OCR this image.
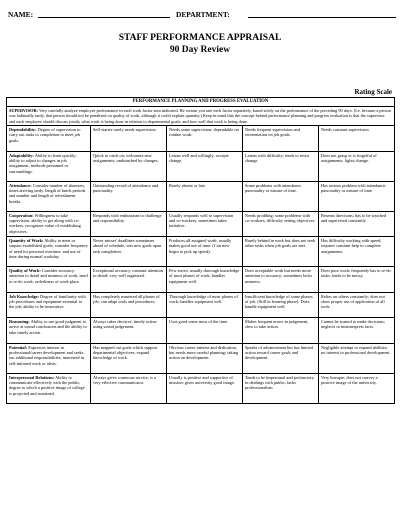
NAME:	DEPARTMENT:
STAFF PERFORMANCE APPRAISAL
90 Day Review
Rating Scale
PERFORMANCE PLANNING AND PROGRESS EVALUATION				
SUPERVISOR: Very carefully analyze employee performance in each work factor area indicated. Be certain you rate each factor separately, based solely on the performance of the preceding 90 days. (I.e. because a person was habitually tardy, that person should not be penalized on quality of work, although it could explain quantity.) Keep in mind that the concept behind performance planning and progress evaluation is that the supervisor and each employee should discuss jointly what work is being done in relation to departmental goals, and how well that work is being done.				
Dependability: Degree of supervision to carry out tasks to completion to meet job goals.	Self-starter rarely needs supervision.	Needs some supervision; dependable on routine work.	Needs frequent supervision and reorientation on job goals.	Needs constant supervision.
Adaptability: Ability to learn quickly; ability to adjust to changes in job assignment, methods personnel or surroundings.	Quick to catch on; welcomes new assignments; undisturbed by changes.	Learns well and willingly; accepts change.	Learns with difficulty; tends to resist change.	Does not grasp or is forgetful of assignments; fights change.
Attendance: Consider number of absences, times arriving tardy, length of lunch periods and number and length of refreshment breaks.	Outstanding record of attendance and punctuality.	Rarely absent or late.	Some problems with attendance, punctuality or misuse of time.	Has serious problem with attendance, punctuality or misuse of time.
Cooperation: Willingness to take supervision, ability to get along with co-workers, recognizes value of establishing objectives.	Responds with enthusiasm to challenge and responsibility.	Usually responds well to supervision and co-workers; sometimes takes initiative.	Needs prodding; some problems with co-workers; difficulty setting objectives.	Resents directions; has to be watched and supervised constantly.
Quantity of Work: Ability to meet or surpass established goals; consider frequency of need for personal overtime; and use of time during normal workday.	Never misses' deadlines sometimes ahead of schedule; sets new goals upon task completion.	Produces all assigned work; usually makes good use of time. (Can now begin to pick up speed).	Rarely behind in work but does not seek other tasks when job goals are met.	Has difficulty working with speed; requires constant help to complete assignments.
Quality of Work: Consider accuracy, attention to detail and neatness of work, need to re-do work; orderliness of work place.	Exceptional accuracy, constant attention to detail; very well organized.	Few errors, usually thorough knowledge of most phases of work; handles equipment well.	Does acceptable work but needs more attention to accuracy; sometimes lacks neatness.	Does poor work; frequently has to re-do tasks; tends to be messy.
Job Knowledge: Degree of familiarity with job procedures and equipment essential to the job; ability to be innovative.	Has completely mastered all phases of job; can adapt tools and procedures.	Thorough knowledge of most phases of work; handles equipment well.	Insufficient knowledge of some phases of job. (Still in learning phase). Does handle equipment well.	Relies on others constantly; does not show proper use of application of all tools.
Reasoning: Ability to use good judgment to arrive at sound conclusions and the ability to take timely action.	Always takes decisive, timely action using sound judgement.	Uses good sense most of the time.	Makes frequent errors in judgement, slow to take action.	Cannot be trusted to make decisions; neglects or misinterprets facts.
Potential: Expresses interest in professional/career development and seeks out additional responsibilities; interested in self-initiated work or ideas.	Has mapped out goals which support departmental objectives; expand knowledge of work.	Obvious career interest and dedication, but needs more careful planning; taking action on development.	Speaks of advancement but has limited action toward career goals and development.	Negligible attempt to expand abilities; no interest in professional development.
Interpersonal Relations: Ability to communicate effectively with the public; degree to which a positive image of college is projected and sustained.	Always gives courteous service, is a very effective communicator.	Usually is positive and supportive of mission; gives university good image.	Tends to be impersonal and perfunctory in dealings with public; lacks professionalism.	Very brusque; does not convey a positive image of the university.
